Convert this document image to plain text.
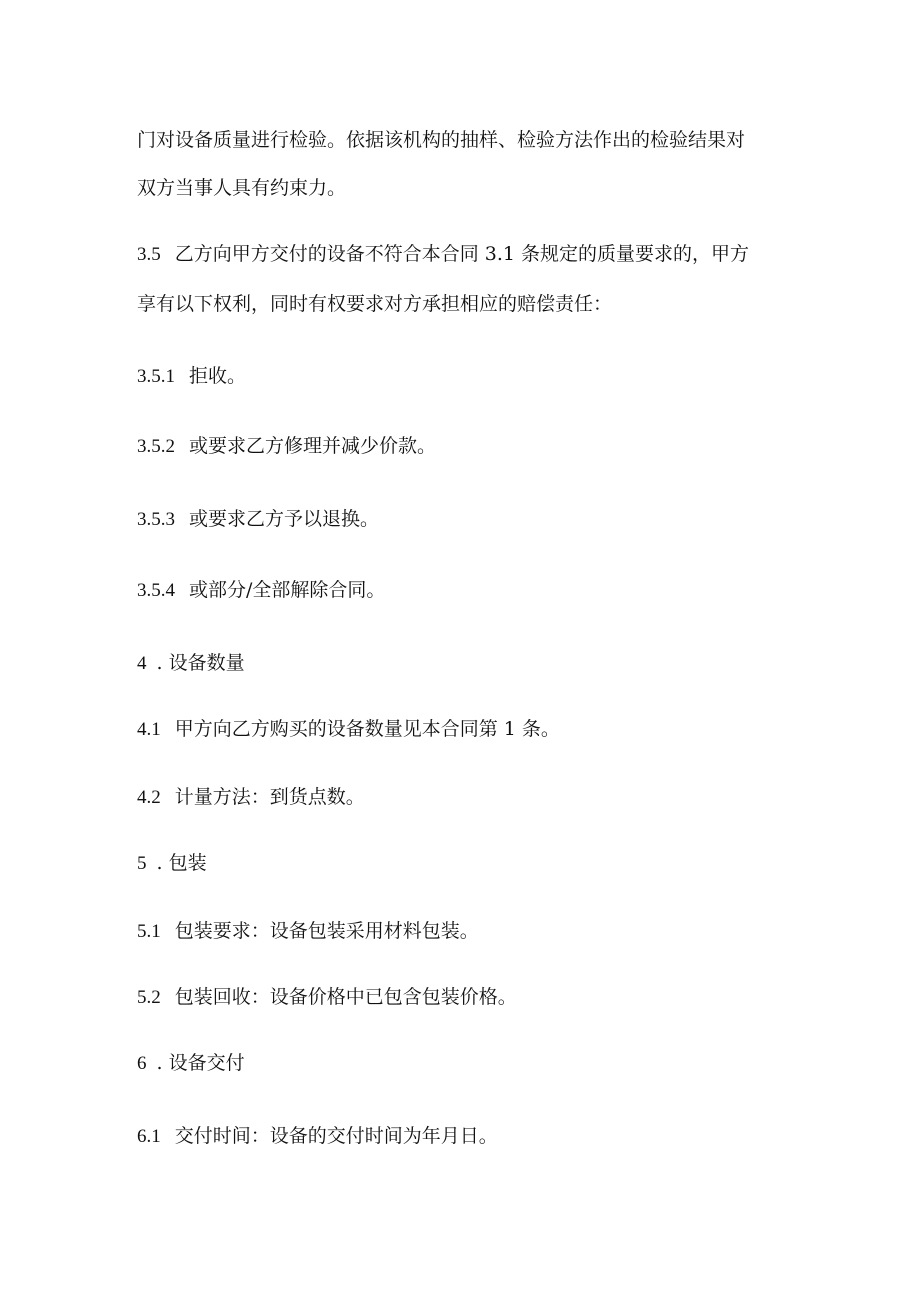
门对设备质量进行检验。依据该机构的抽样、检验方法作出的检验结果对
双方当事人具有约束力。
3.5 乙方向甲方交付的设备不符合本合同 3.1 条规定的质量要求的，甲方
享有以下权利，同时有权要求对方承担相应的赔偿责任：
3.5.1 拒收。
3.5.2 或要求乙方修理并减少价款。
3.5.3 或要求乙方予以退换。
3.5.4 或部分/全部解除合同。
4 . 设备数量
4.1 甲方向乙方购买的设备数量见本合同第 1 条。
4.2 计量方法：到货点数。
5 . 包装
5.1 包装要求：设备包装采用材料包装。
5.2 包装回收：设备价格中已包含包装价格。
6 . 设备交付
6.1 交付时间：设备的交付时间为年月日。
